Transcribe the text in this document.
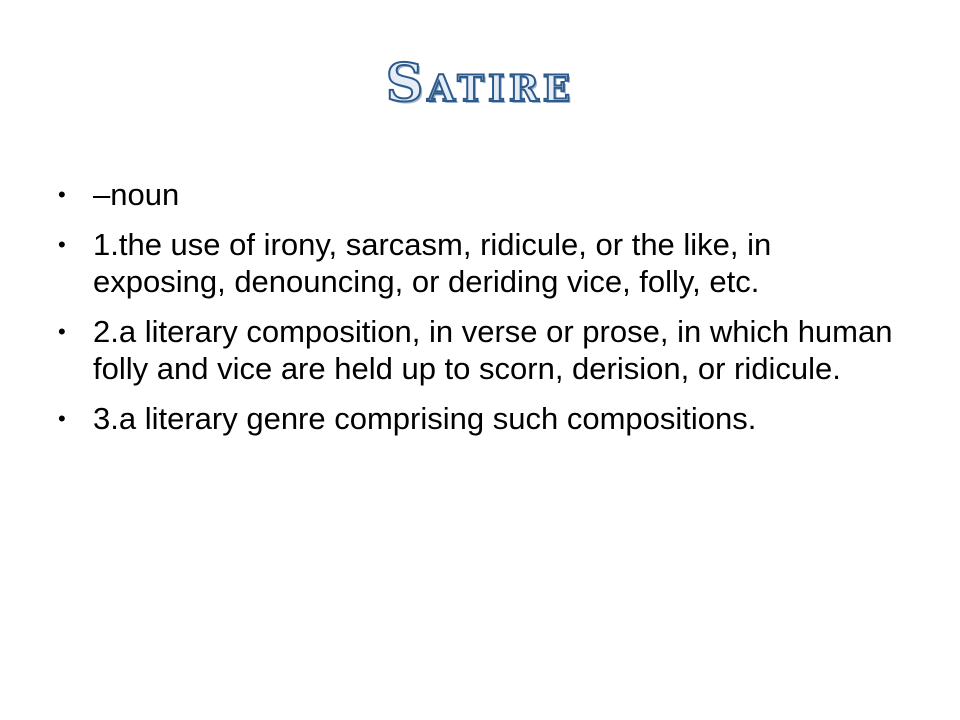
Satire
• –noun
• 1.the use of irony, sarcasm, ridicule, or the like, in exposing, denouncing, or deriding vice, folly, etc.
• 2.a literary composition, in verse or prose, in which human folly and vice are held up to scorn, derision, or ridicule.
• 3.a literary genre comprising such compositions.
